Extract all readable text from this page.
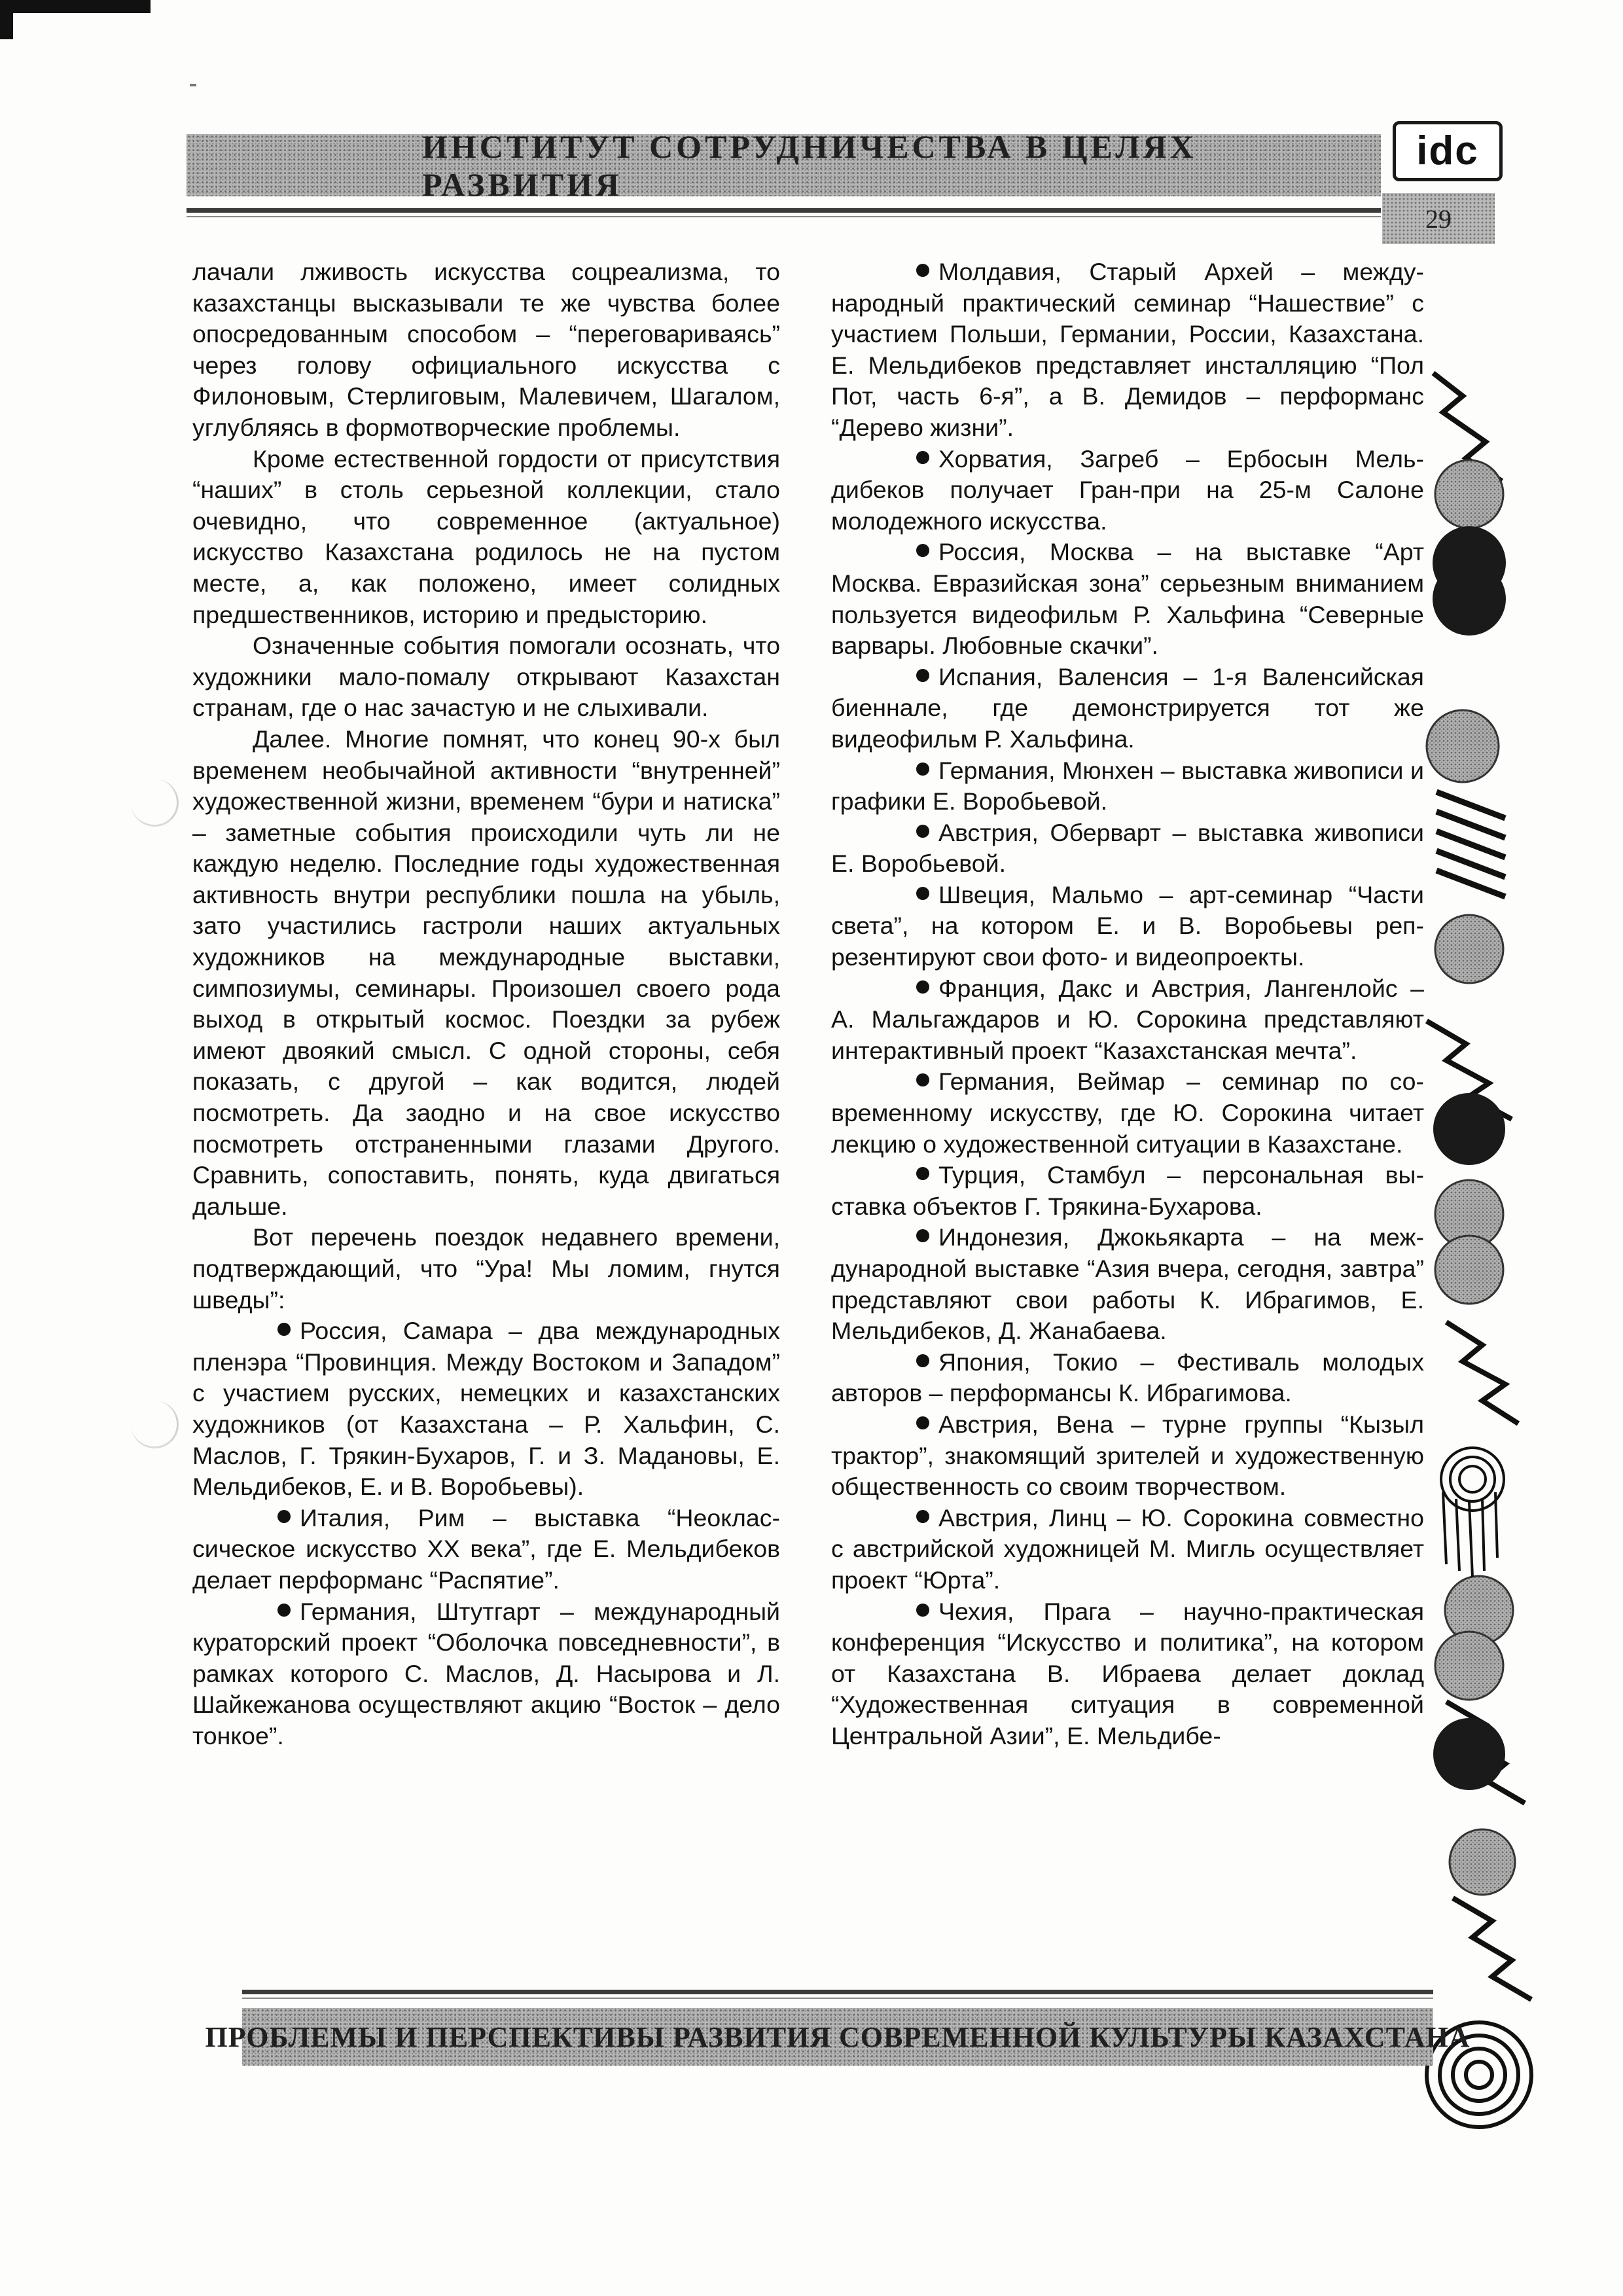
ИНСТИТУТ СОТРУДНИЧЕСТВА В ЦЕЛЯХ РАЗВИТИЯ
idc
29

лачали лживость искусства соцреализма, то казахстанцы высказывали те же чувства более опосредованным способом – “переговариваясь” через голову официального искусства с Филоновым, Стерлиговым, Малевичем, Шагалом, углубляясь в формотворческие проблемы.

Кроме естественной гордости от присутствия “наших” в столь серьезной коллекции, стало очевидно, что современное (актуальное) искусство Казахстана родилось не на пустом месте, а, как положено, имеет солидных предшественников, историю и предысторию.

Означенные события помогали осознать, что художники мало-помалу открывают Казахстан странам, где о нас зачастую и не слыхивали.

Далее. Многие помнят, что конец 90-х был временем необычайной активности “внутренней” художественной жизни, временем “бури и натиска” – заметные события происходили чуть ли не каждую неделю. Последние годы художественная активность внутри республики пошла на убыль, зато участились гастроли наших актуальных художников на международные выставки, симпозиумы, семинары. Произошел своего рода выход в открытый космос. Поездки за рубеж имеют двоякий смысл. С одной стороны, себя показать, с другой – как водится, людей посмотреть. Да заодно и на свое искусство посмотреть отстраненными глазами Другого. Сравнить, сопоставить, понять, куда двигаться дальше.

Вот перечень поездок недавнего времени, подтверждающий, что “Ура! Мы ломим, гнутся шведы”:

Россия, Самара – два международных пленэра “Провинция. Между Востоком и Западом” с участием русских, немецких и казахстанских художников (от Казахстана – Р. Хальфин, С. Маслов, Г. Трякин-Бухаров, Г. и З. Мадановы, Е. Мельдибеков, Е. и В. Воробьевы).

Италия, Рим – выставка “Неоклассическое искусство XX века”, где Е. Мельдибеков делает перформанс “Распятие”.

Германия, Штутгарт – международный кураторский проект “Оболочка повседневности”, в рамках которого С. Маслов, Д. Насырова и Л. Шайкежанова осуществляют акцию “Восток – дело тонкое”.

Молдавия, Старый Архей – международный практический семинар “Нашествие” с участием Польши, Германии, России, Казахстана. Е. Мельдибеков представляет инсталляцию “Пол Пот, часть 6-я”, а В. Демидов – перформанс “Дерево жизни”.

Хорватия, Загреб – Ербосын Мельдибеков получает Гран-при на 25-м Салоне молодежного искусства.

Россия, Москва – на выставке “Арт Москва. Евразийская зона” серьезным вниманием пользуется видеофильм Р. Хальфина “Северные варвары. Любовные скачки”.

Испания, Валенсия – 1-я Валенсийская биеннале, где демонстрируется тот же видеофильм Р. Хальфина.

Германия, Мюнхен – выставка живописи и графики Е. Воробьевой.

Австрия, Оберварт – выставка живописи Е. Воробьевой.

Швеция, Мальмо – арт-семинар “Части света”, на котором Е. и В. Воробьевы репрезентируют свои фото- и видеопроекты.

Франция, Дакс и Австрия, Лангенлойс – А. Мальгаждаров и Ю. Сорокина представляют интерактивный проект “Казахстанская мечта”.

Германия, Веймар – семинар по современному искусству, где Ю. Сорокина читает лекцию о художественной ситуации в Казахстане.

Турция, Стамбул – персональная выставка объектов Г. Трякина-Бухарова.

Индонезия, Джокьякарта – на международной выставке “Азия вчера, сегодня, завтра” представляют свои работы К. Ибрагимов, Е. Мельдибеков, Д. Жанабаева.

Япония, Токио – Фестиваль молодых авторов – перформансы К. Ибрагимова.

Австрия, Вена – турне группы “Кызыл трактор”, знакомящий зрителей и художественную общественность со своим творчеством.

Австрия, Линц – Ю. Сорокина совместно с австрийской художницей М. Мигль осуществляет проект “Юрта”.

Чехия, Прага – научно-практическая конференция “Искусство и политика”, на котором от Казахстана В. Ибраева делает доклад “Художественная ситуация в современной Центральной Азии”, Е. Мельдибе-

ПРОБЛЕМЫ И ПЕРСПЕКТИВЫ РАЗВИТИЯ СОВРЕМЕННОЙ КУЛЬТУРЫ КАЗАХСТАНА
